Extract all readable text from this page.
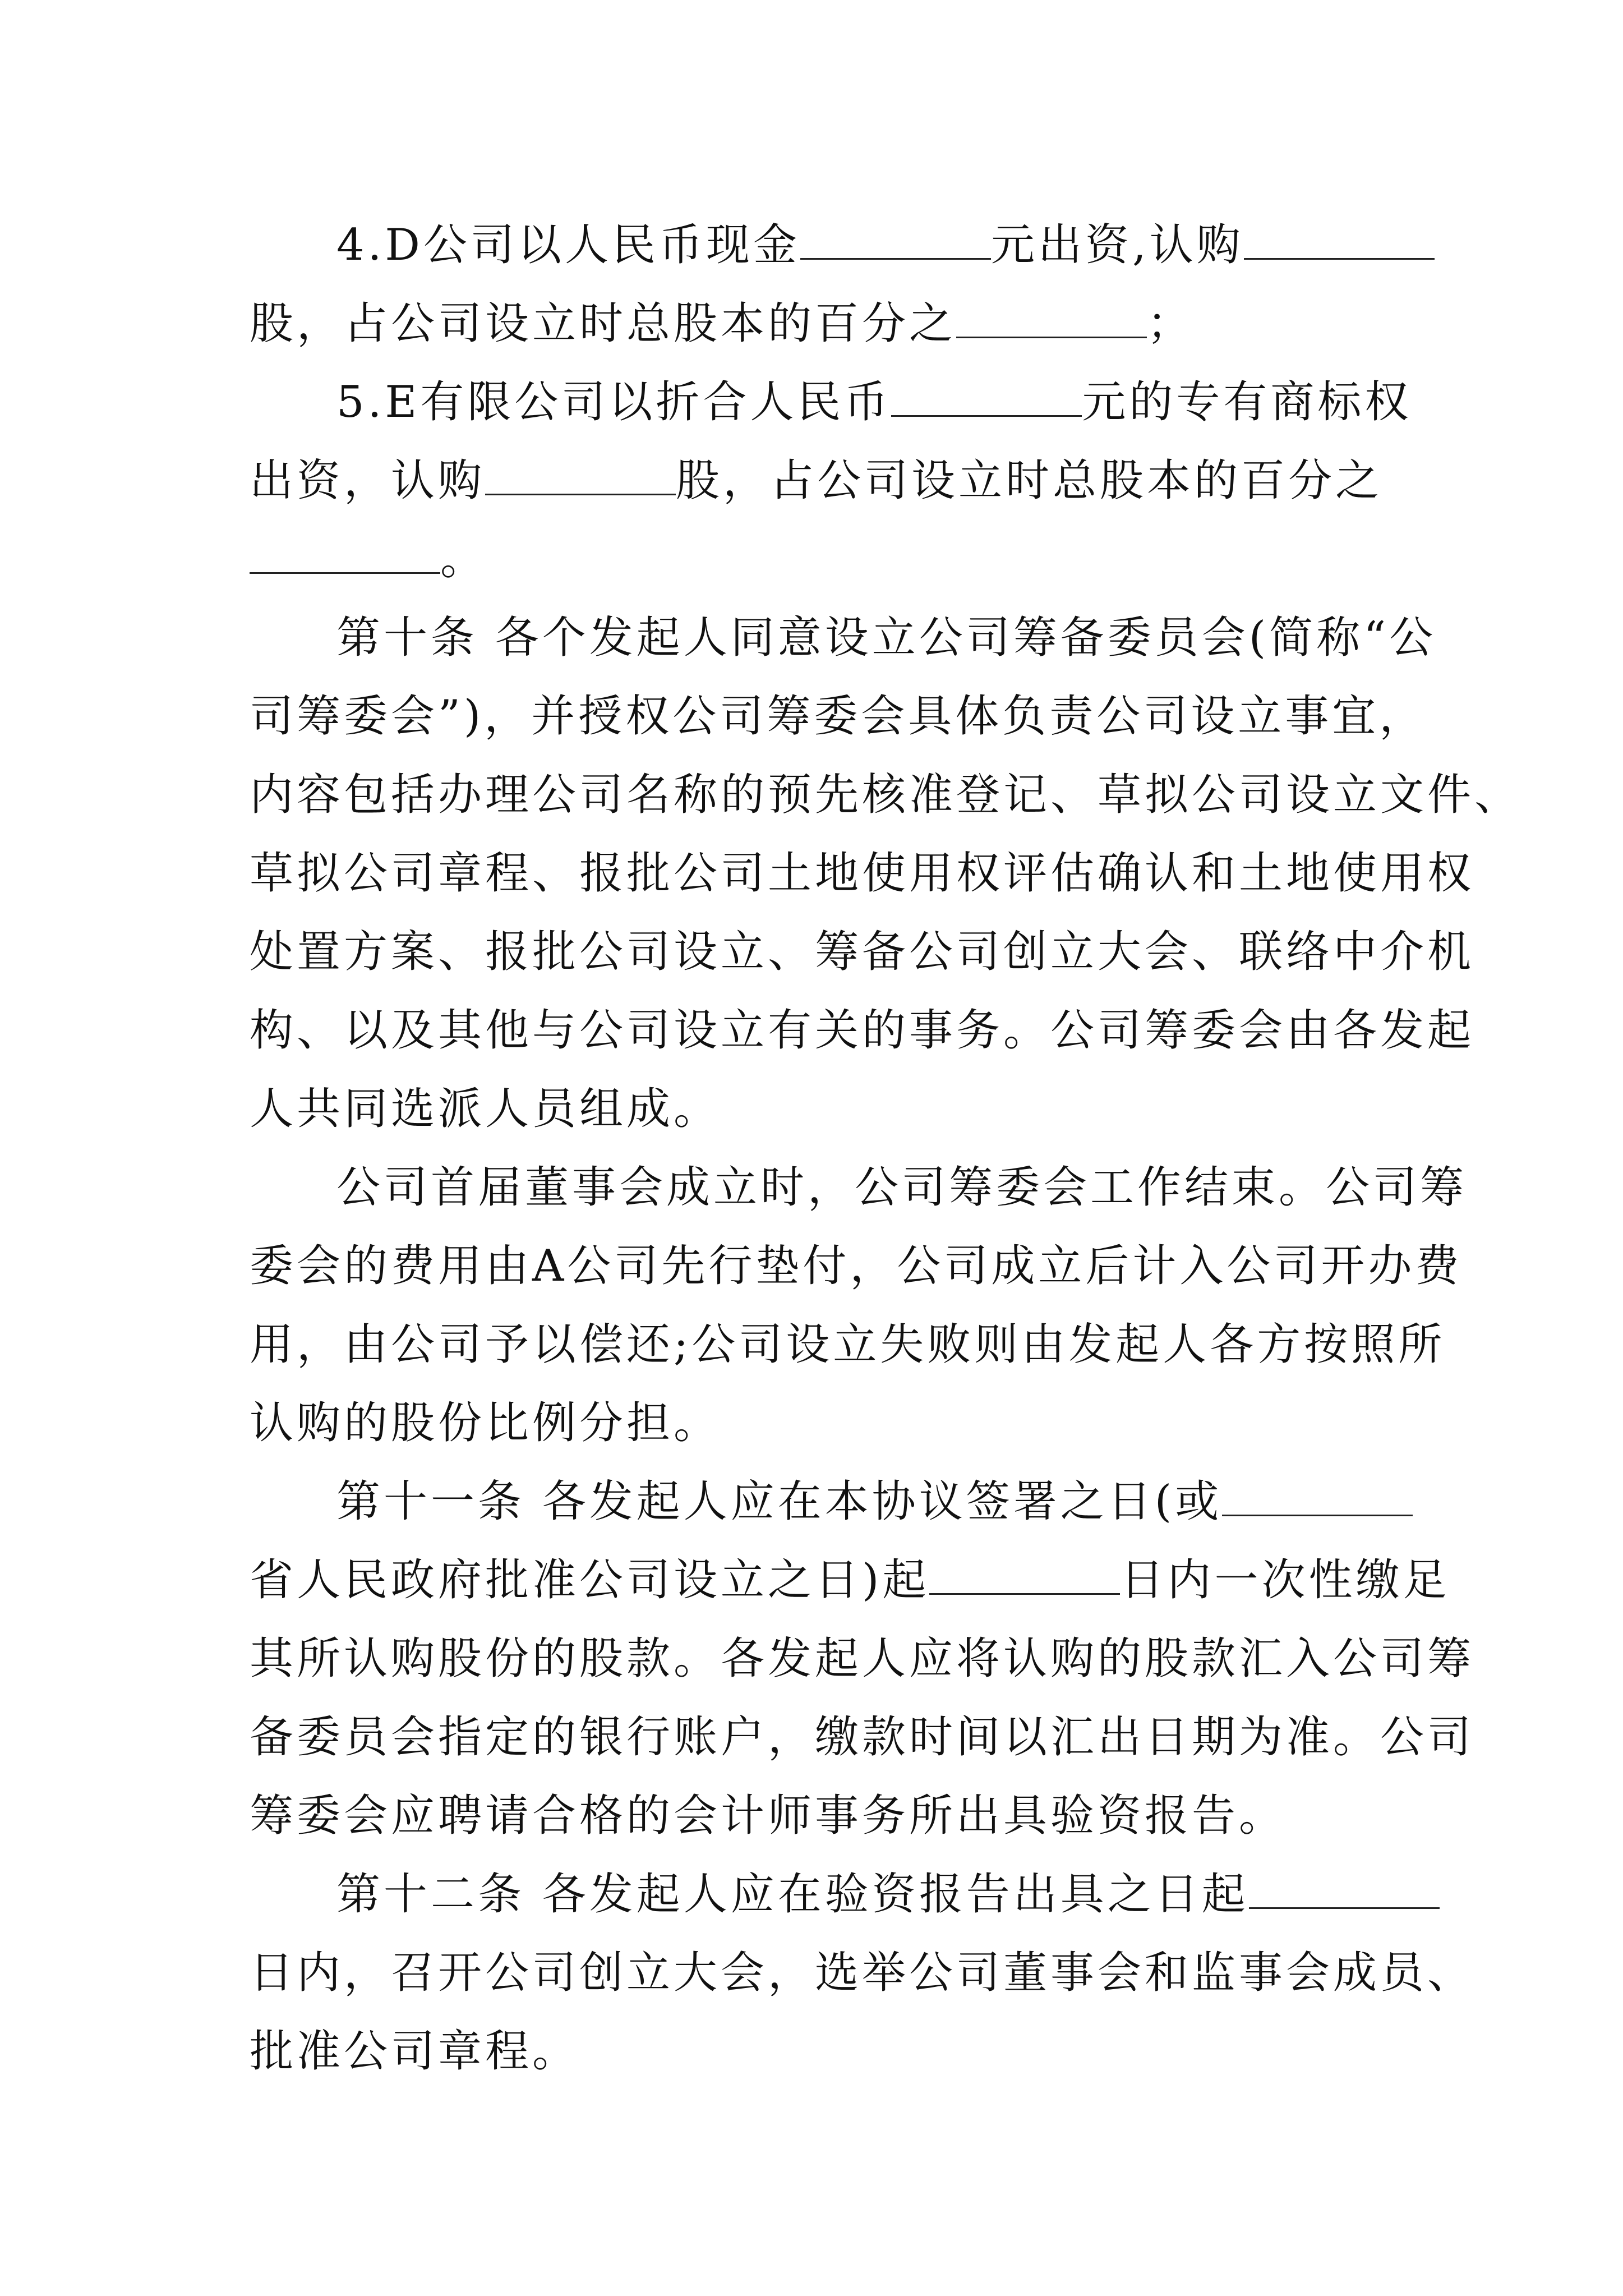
4.D公司以人民币现金	元出资,认购
股，占公司设立时总股本的百分之	；
5.E有限公司以折合人民币	元的专有商标权
出资，认购	股，占公司设立时总股本的百分之
。
第十条 各个发起人同意设立公司筹备委员会(简称“公
司筹委会”)，并授权公司筹委会具体负责公司设立事宜，
内容包括办理公司名称的预先核准登记、草拟公司设立文件、
草拟公司章程、报批公司土地使用权评估确认和土地使用权
处置方案、报批公司设立、筹备公司创立大会、联络中介机
构、以及其他与公司设立有关的事务。公司筹委会由各发起
人共同选派人员组成。
公司首届董事会成立时，公司筹委会工作结束。公司筹
委会的费用由A公司先行垫付，公司成立后计入公司开办费
用，由公司予以偿还;公司设立失败则由发起人各方按照所
认购的股份比例分担。
第十一条 各发起人应在本协议签署之日(或
省人民政府批准公司设立之日)起	日内一次性缴足
其所认购股份的股款。各发起人应将认购的股款汇入公司筹
备委员会指定的银行账户，缴款时间以汇出日期为准。公司
筹委会应聘请合格的会计师事务所出具验资报告。
第十二条 各发起人应在验资报告出具之日起
日内，召开公司创立大会，选举公司董事会和监事会成员、
批准公司章程。
